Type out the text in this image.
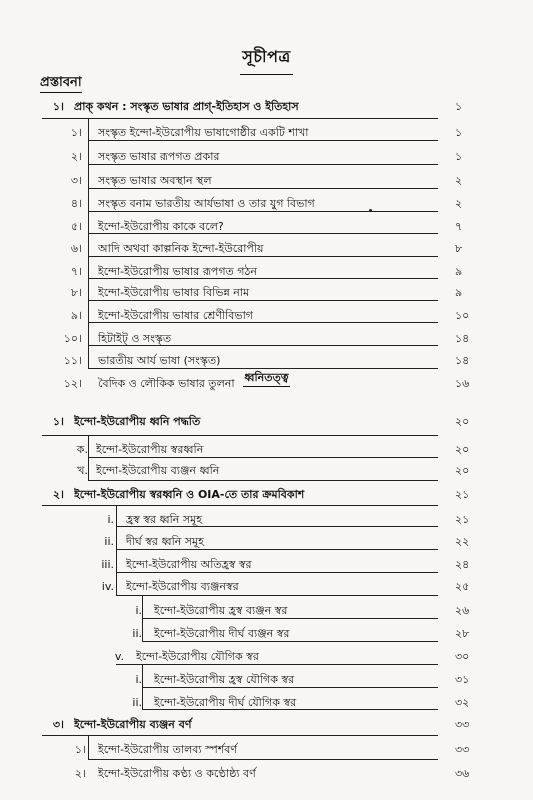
সূচীপত্র
প্রস্তাবনা
ধ্বনিতত্ত্ব
১। প্রাক্ কথন : সংস্কৃত ভাষার প্রাগ্-ইতিহাস ও ইতিহাস	১
১। সংস্কৃত ইন্দো-ইউরোপীয় ভাষাগোষ্ঠীর একটি শাখা	১
২। সংস্কৃত ভাষার রূপগত প্রকার	১
৩। সংস্কৃত ভাষার অবস্থান স্থল	২
৪। সংস্কৃত বনাম ভারতীয় আর্যভাষা ও তার যুগ বিভাগ	২
৫। ইন্দো-ইউরোপীয় কাকে বলে?	৭
৬। আদি অথবা কাল্পনিক ইন্দো-ইউরোপীয়	৮
৭। ইন্দো-ইউরোপীয় ভাষার রূপগত গঠন	৯
৮। ইন্দো-ইউরোপীয় ভাষার বিভিন্ন নাম	৯
৯। ইন্দো-ইউরোপীয় ভাষার শ্রেণীবিভাগ	১০
১০। হিটাইট্ ও সংস্কৃত	১৪
১১। ভারতীয় আর্য ভাষা (সংস্কৃত)	১৪
১২। বৈদিক ও লৌকিক ভাষার তুলনা	১৬
১। ইন্দো-ইউরোপীয় ধ্বনি পদ্ধতি	২০
ক. ইন্দো-ইউরোপীয় স্বরধ্বনি	২০
খ. ইন্দো-ইউরোপীয় ব্যঞ্জন ধ্বনি	২০
২। ইন্দো-ইউরোপীয় স্বরধ্বনি ও OIA-তে তার ক্রমবিকাশ	২১
i. হ্রস্ব স্বর ধ্বনি সমূহ	২১
ii. দীর্ঘ স্বর ধ্বনি সমূহ	২২
iii. ইন্দো-ইউরোপীয় অতিহ্রস্ব স্বর	২৪
iv. ইন্দো-ইউরোপীয় ব্যঞ্জনস্বর	২৫
i. ইন্দো-ইউরোপীয় হ্রস্ব ব্যঞ্জন স্বর	২৬
ii. ইন্দো-ইউরোপীয় দীর্ঘ ব্যঞ্জন স্বর	২৮
v. ইন্দো-ইউরোপীয় যৌগিক স্বর	৩০
i. ইন্দো-ইউরোপীয় হ্রস্ব যৌগিক স্বর	৩১
ii. ইন্দো-ইউরোপীয় দীর্ঘ যৌগিক স্বর	৩২
৩। ইন্দো-ইউরোপীয় ব্যঞ্জন বর্ণ	৩৩
১। ইন্দো-ইউরোপীয় তালব্য স্পর্শবর্ণ	৩৩
২। ইন্দো-ইউরোপীয় কণ্ঠ্য ও কণ্ঠোষ্ঠ্য বর্ণ	৩৬
